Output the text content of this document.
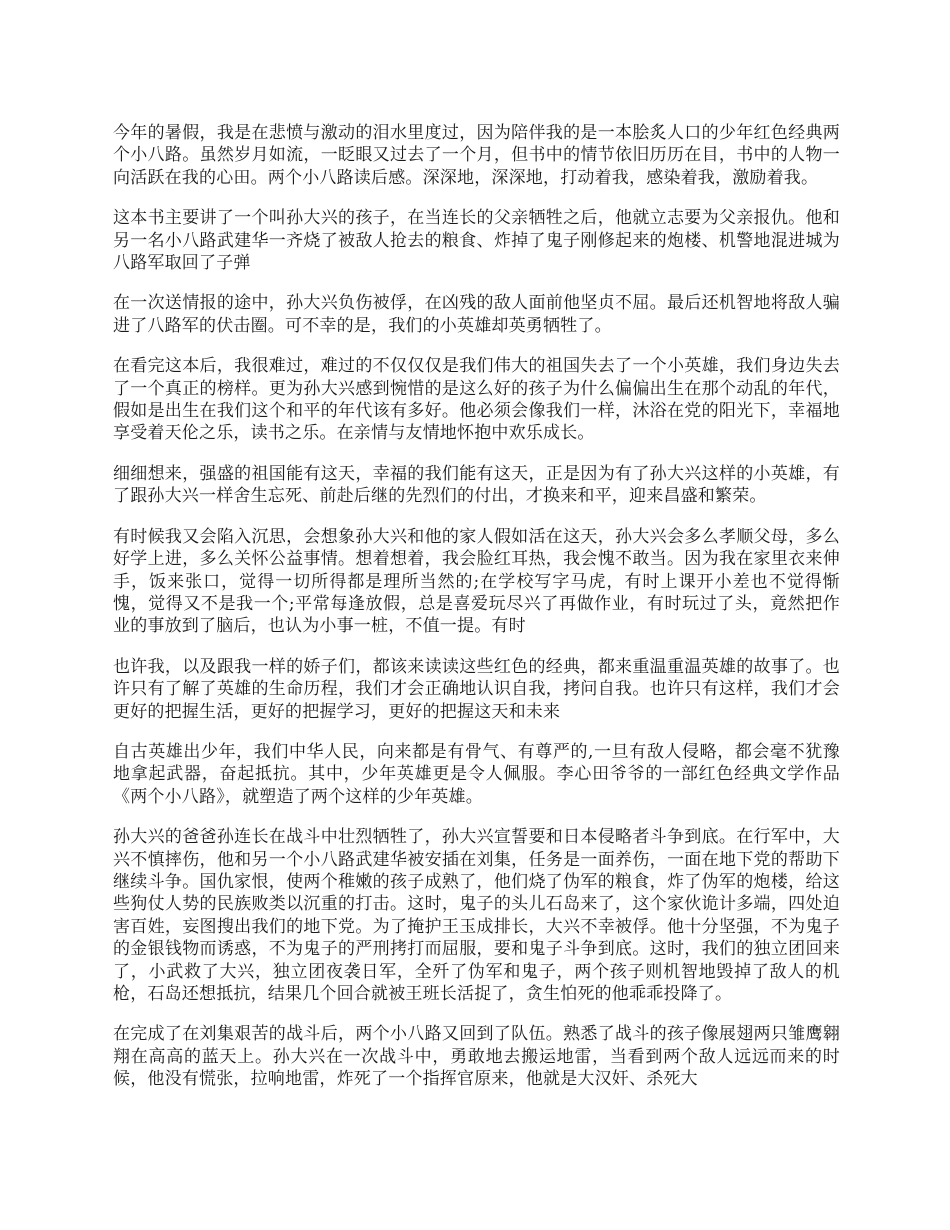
今年的暑假，我是在悲愤与激动的泪水里度过，因为陪伴我的是一本脍炙人口的少年红色经典两个小八路。虽然岁月如流，一眨眼又过去了一个月，但书中的情节依旧历历在目，书中的人物一向活跃在我的心田。两个小八路读后感。深深地，深深地，打动着我，感染着我，激励着我。

这本书主要讲了一个叫孙大兴的孩子，在当连长的父亲牺牲之后，他就立志要为父亲报仇。他和另一名小八路武建华一齐烧了被敌人抢去的粮食、炸掉了鬼子刚修起来的炮楼、机警地混进城为八路军取回了子弹

在一次送情报的途中，孙大兴负伤被俘，在凶残的敌人面前他坚贞不屈。最后还机智地将敌人骗进了八路军的伏击圈。可不幸的是，我们的小英雄却英勇牺牲了。

在看完这本后，我很难过，难过的不仅仅仅是我们伟大的祖国失去了一个小英雄，我们身边失去了一个真正的榜样。更为孙大兴感到惋惜的是这么好的孩子为什么偏偏出生在那个动乱的年代，假如是出生在我们这个和平的年代该有多好。他必须会像我们一样，沐浴在党的阳光下，幸福地享受着天伦之乐，读书之乐。在亲情与友情地怀抱中欢乐成长。

细细想来，强盛的祖国能有这天，幸福的我们能有这天，正是因为有了孙大兴这样的小英雄，有了跟孙大兴一样舍生忘死、前赴后继的先烈们的付出，才换来和平，迎来昌盛和繁荣。

有时候我又会陷入沉思，会想象孙大兴和他的家人假如活在这天，孙大兴会多么孝顺父母，多么好学上进，多么关怀公益事情。想着想着，我会脸红耳热，我会愧不敢当。因为我在家里衣来伸手，饭来张口，觉得一切所得都是理所当然的;在学校写字马虎，有时上课开小差也不觉得惭愧，觉得又不是我一个;平常每逢放假，总是喜爱玩尽兴了再做作业，有时玩过了头，竟然把作业的事放到了脑后，也认为小事一桩，不值一提。有时

也许我，以及跟我一样的娇子们，都该来读读这些红色的经典，都来重温重温英雄的故事了。也许只有了解了英雄的生命历程，我们才会正确地认识自我，拷问自我。也许只有这样，我们才会更好的把握生活，更好的把握学习，更好的把握这天和未来

自古英雄出少年，我们中华人民，向来都是有骨气、有尊严的,一旦有敌人侵略，都会毫不犹豫地拿起武器，奋起抵抗。其中，少年英雄更是令人佩服。李心田爷爷的一部红色经典文学作品《两个小八路》，就塑造了两个这样的少年英雄。

孙大兴的爸爸孙连长在战斗中壮烈牺牲了，孙大兴宣誓要和日本侵略者斗争到底。在行军中，大兴不慎摔伤，他和另一个小八路武建华被安插在刘集，任务是一面养伤，一面在地下党的帮助下继续斗争。国仇家恨，使两个稚嫩的孩子成熟了，他们烧了伪军的粮食，炸了伪军的炮楼，给这些狗仗人势的民族败类以沉重的打击。这时，鬼子的头儿石岛来了，这个家伙诡计多端，四处迫害百姓，妄图搜出我们的地下党。为了掩护王玉成排长，大兴不幸被俘。他十分坚强，不为鬼子的金银钱物而诱惑，不为鬼子的严刑拷打而屈服，要和鬼子斗争到底。这时，我们的独立团回来了，小武救了大兴，独立团夜袭日军，全歼了伪军和鬼子，两个孩子则机智地毁掉了敌人的机枪，石岛还想抵抗，结果几个回合就被王班长活捉了，贪生怕死的他乖乖投降了。

在完成了在刘集艰苦的战斗后，两个小八路又回到了队伍。熟悉了战斗的孩子像展翅两只雏鹰翱翔在高高的蓝天上。孙大兴在一次战斗中，勇敢地去搬运地雷，当看到两个敌人远远而来的时候，他没有慌张，拉响地雷，炸死了一个指挥官原来，他就是大汉奸、杀死大
